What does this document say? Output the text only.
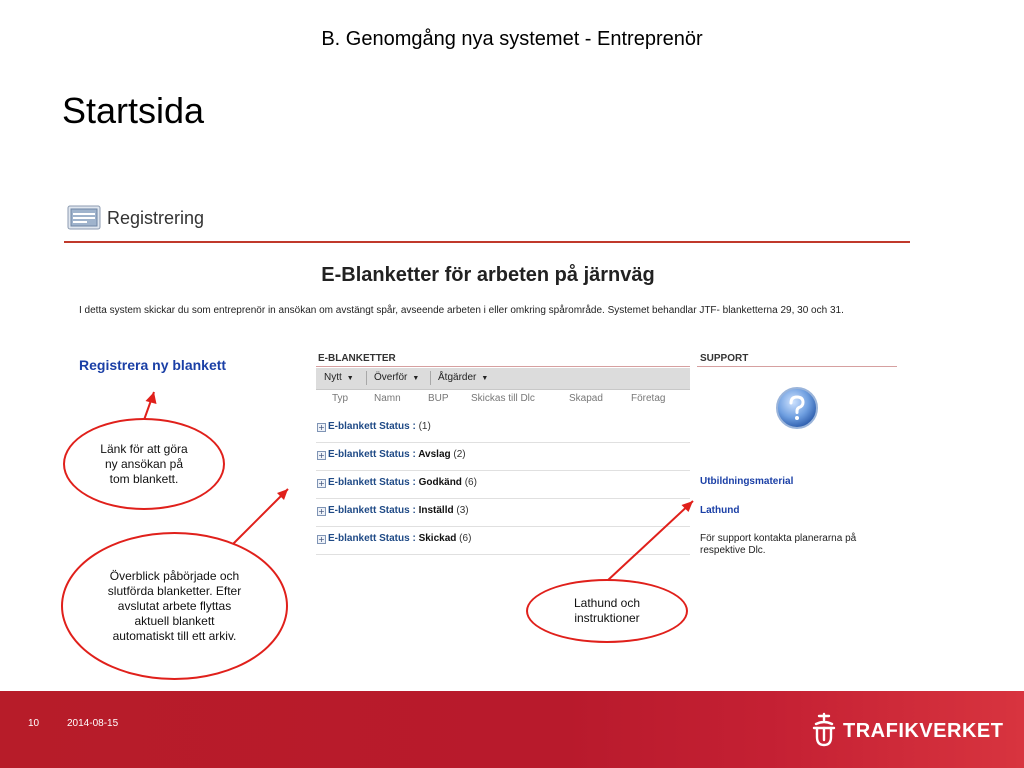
B. Genomgång nya systemet - Entreprenör
Startsida
Registrering
E-Blanketter för arbeten på järnväg
I detta system skickar du som entreprenör in ansökan om avstängt spår, avseende arbeten i eller omkring spårområde. Systemet behandlar JTF- blanketterna 29, 30 och 31.
Registrera ny blankett	E-BLANKETTER
Nytt ▼ Överför ▼ Åtgärder ▼
Typ	Namn	BUP Skickas till Dlc	Skapad	Företag
+ E-blankett Status : (1)
+ E-blankett Status : Avslag (2)
+ E-blankett Status : Godkänd (6)
+ E-blankett Status : Inställd (3)
+ E-blankett Status : Skickad (6)
SUPPORT
Utbildningsmaterial
Lathund
För support kontakta planerarna på respektive Dlc.
Länk för att göra ny ansökan på tom blankett.
Överblick påbörjade och slutförda blanketter. Efter avslutat arbete flyttas aktuell blankett automatiskt till ett arkiv.
Lathund och instruktioner
10	2014-08-15	TRAFIKVERKET
